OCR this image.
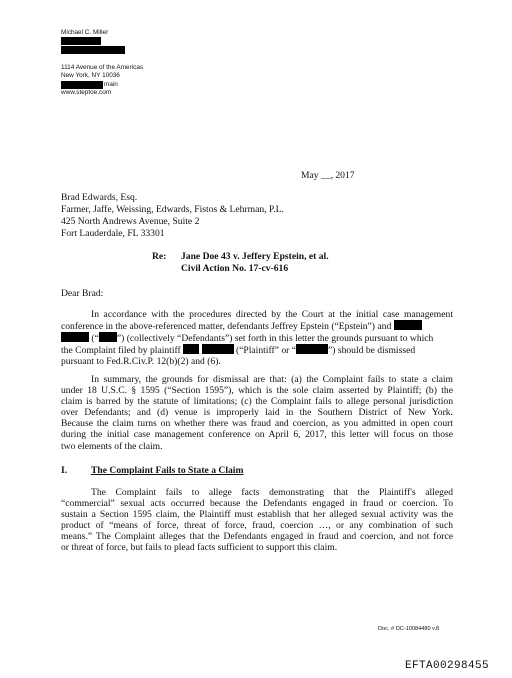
Michael C. Miller
1114 Avenue of the Americas
New York, NY 10036
main
www.steptoe.com
May __, 2017
Brad Edwards, Esq.
Farmer, Jaffe, Weissing, Edwards, Fistos & Lehrman, P.L.
425 North Andrews Avenue, Suite 2
Fort Lauderdale, FL 33301
Re: Jane Doe 43 v. Jeffery Epstein, et al.
Civil Action No. 17-cv-616
Dear Brad:

In accordance with the procedures directed by the Court at the initial case management

conference in the above-referenced matter, defendants Jeffrey Epstein (“Epstein”) and

(“ ”) (collectively “Defendants”) set forth in this letter the grounds pursuant to which

the Complaint filed by plaintiff	(“Plaintiff” or “	”) should be dismissed

pursuant to Fed.R.Civ.P. 12(b)(2) and (6).

In summary, the grounds for dismissal are that: (a) the Complaint fails to state a claim

under 18 U.S.C. § 1595 (“Section 1595”), which is the sole claim asserted by Plaintiff; (b) the

claim is barred by the statute of limitations; (c) the Complaint fails to allege personal jurisdiction

over Defendants; and (d) venue is improperly laid in the Southern District of New York.

Because the claim turns on whether there was fraud and coercion, as you admitted in open court

during the initial case management conference on April 6, 2017, this letter will focus on those

two elements of the claim.

I. The Complaint Fails to State a Claim

The Complaint fails to allege facts demonstrating that the Plaintiff's alleged

“commercial” sexual acts occurred because the Defendants engaged in fraud or coercion. To

sustain a Section 1595 claim, the Plaintiff must establish that her alleged sexual activity was the

product of “means of force, threat of force, fraud, coercion …, or any combination of such

means.” The Complaint alleges that the Defendants engaged in fraud and coercion, and not force

or threat of force, but fails to plead facts sufficient to support this claim.

Doc. # DC-10084480 v.8
EFTA00298455
